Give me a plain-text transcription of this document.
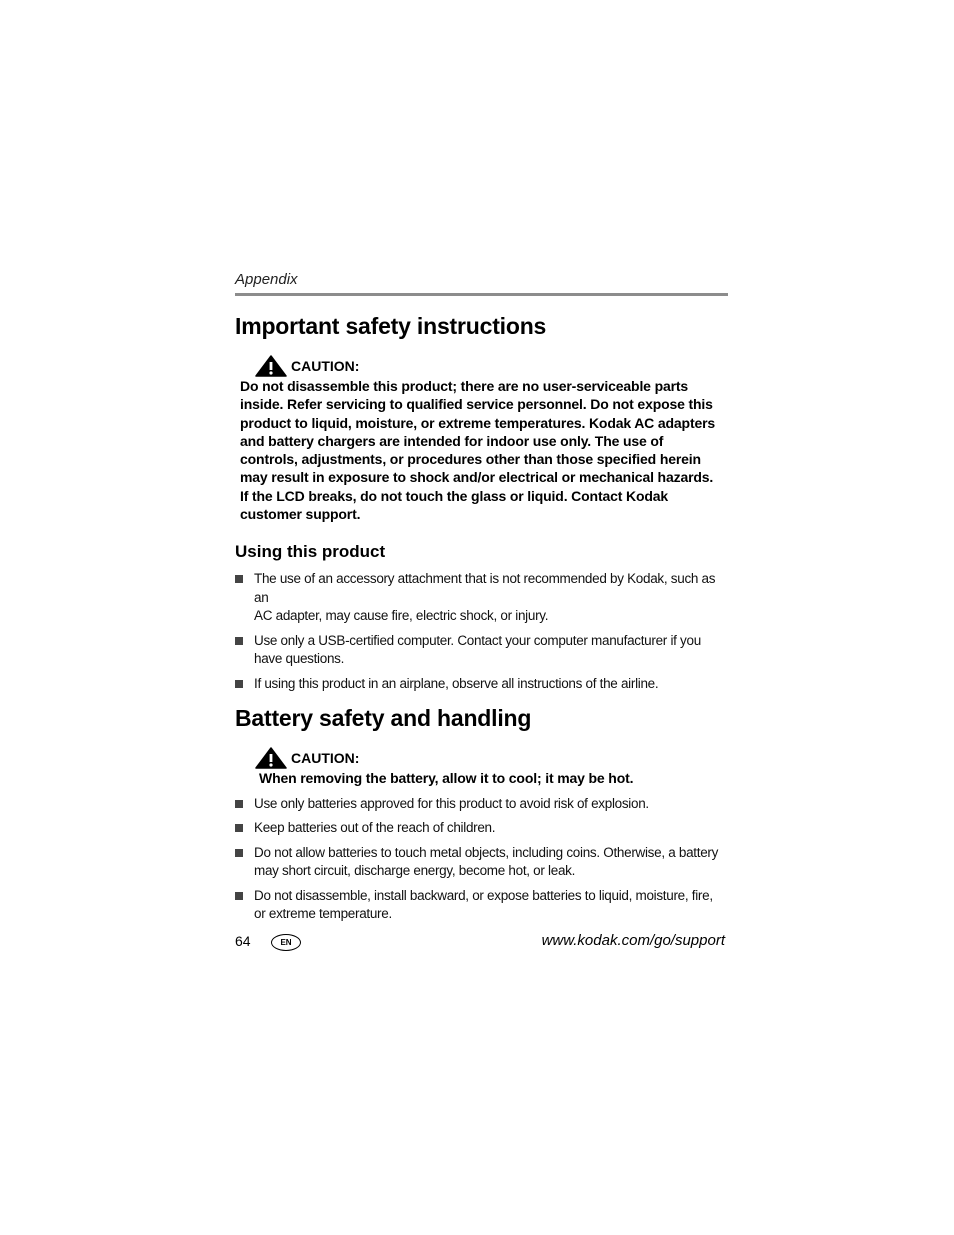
Appendix
Important safety instructions
CAUTION:
Do not disassemble this product; there are no user-serviceable parts
inside. Refer servicing to qualified service personnel. Do not expose this
product to liquid, moisture, or extreme temperatures. Kodak AC adapters
and battery chargers are intended for indoor use only. The use of
controls, adjustments, or procedures other than those specified herein
may result in exposure to shock and/or electrical or mechanical hazards.
If the LCD breaks, do not touch the glass or liquid. Contact Kodak
customer support.
Using this product
The use of an accessory attachment that is not recommended by Kodak, such as an
AC adapter, may cause fire, electric shock, or injury.
Use only a USB-certified computer. Contact your computer manufacturer if you
have questions.
If using this product in an airplane, observe all instructions of the airline.
Battery safety and handling
CAUTION:
When removing the battery, allow it to cool; it may be hot.
Use only batteries approved for this product to avoid risk of explosion.
Keep batteries out of the reach of children.
Do not allow batteries to touch metal objects, including coins. Otherwise, a battery
may short circuit, discharge energy, become hot, or leak.
Do not disassemble, install backward, or expose batteries to liquid, moisture, fire,
or extreme temperature.
64	EN	www.kodak.com/go/support
